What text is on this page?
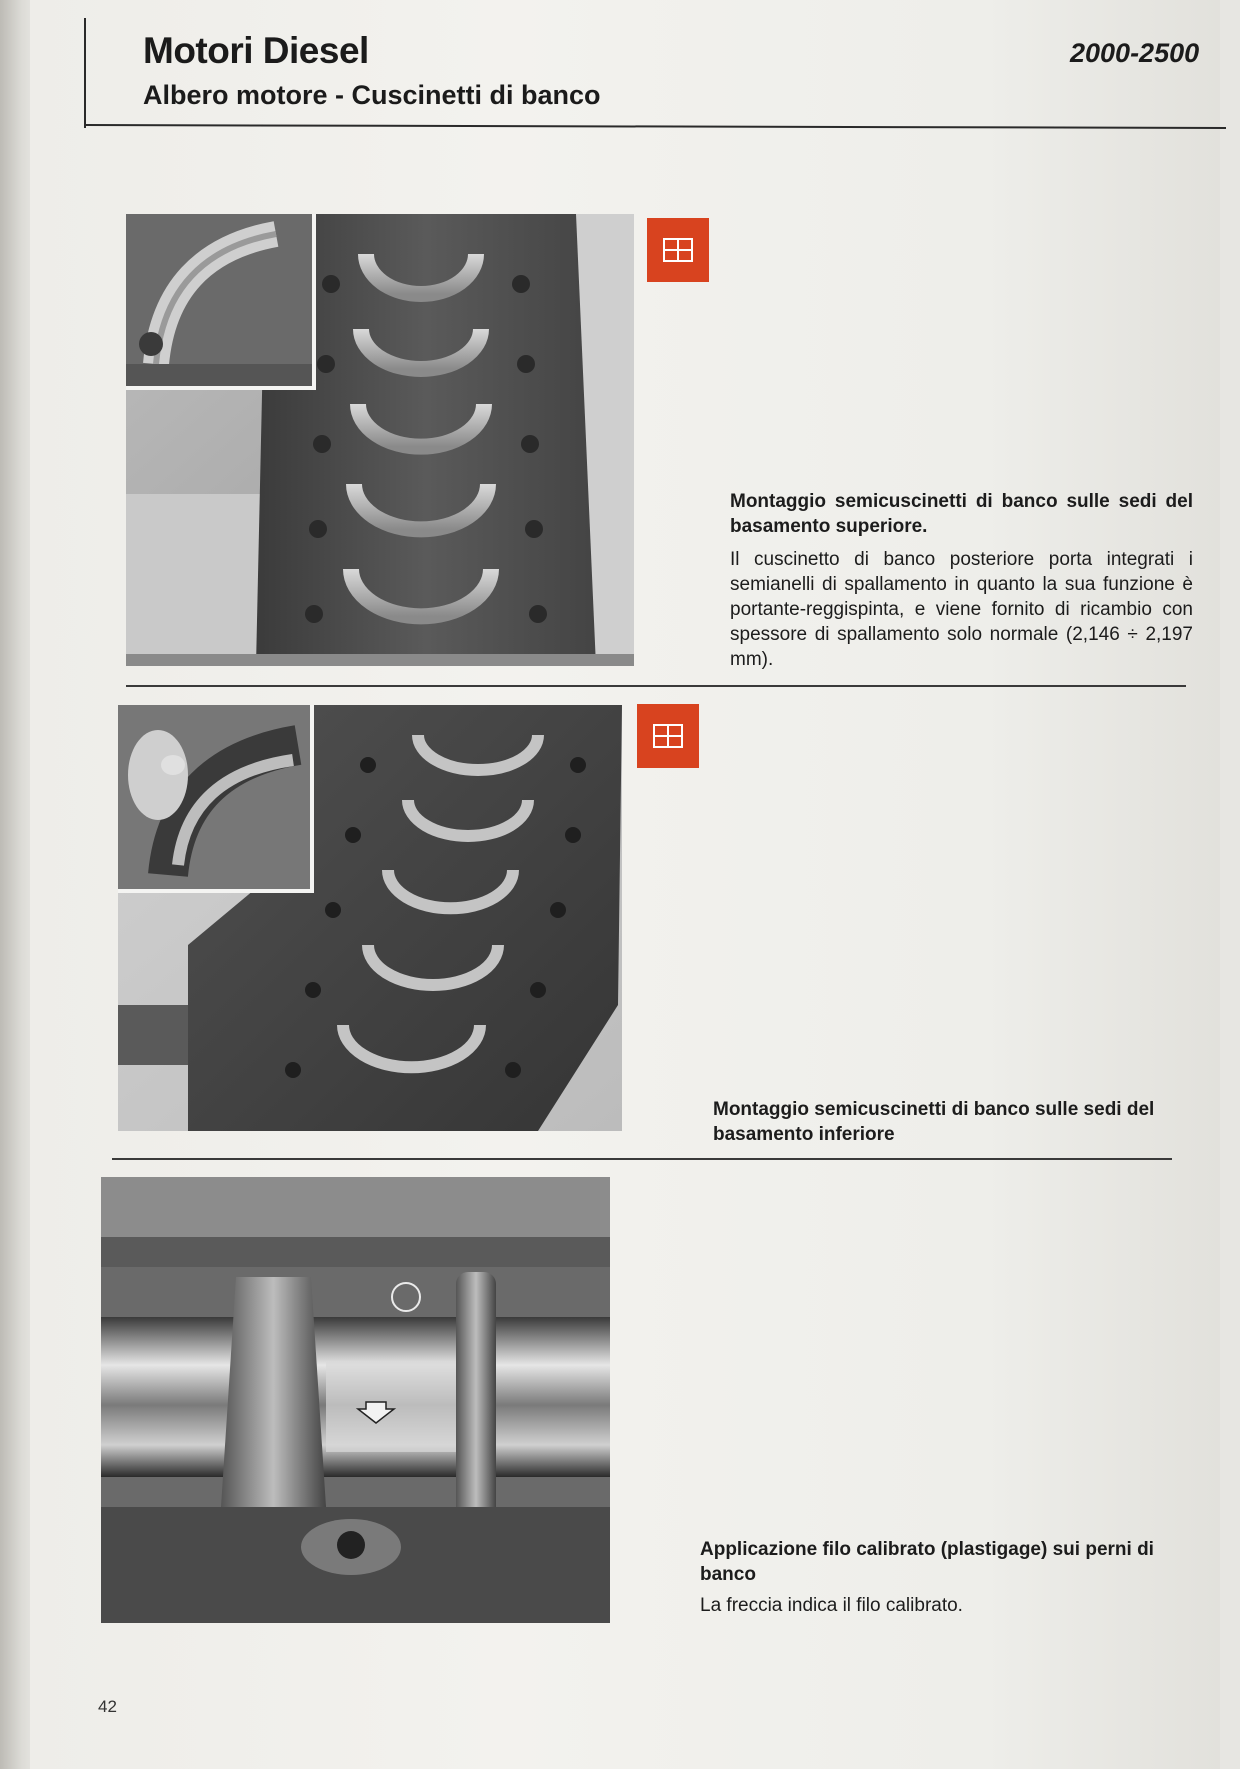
Motori Diesel
Albero motore - Cuscinetti di banco

2000-2500

Montaggio semicuscinetti di banco sulle sedi del basamento superiore.

Il cuscinetto di banco posteriore porta integrati i semianelli di spallamento in quanto la sua funzione è portante-reggispinta, e viene fornito di ricambio con spessore di spallamento solo normale (2,146 ÷ 2,197 mm).

Montaggio semicuscinetti di banco sulle sedi del basamento inferiore

Applicazione filo calibrato (plastigage) sui perni di banco

La freccia indica il filo calibrato.

42
